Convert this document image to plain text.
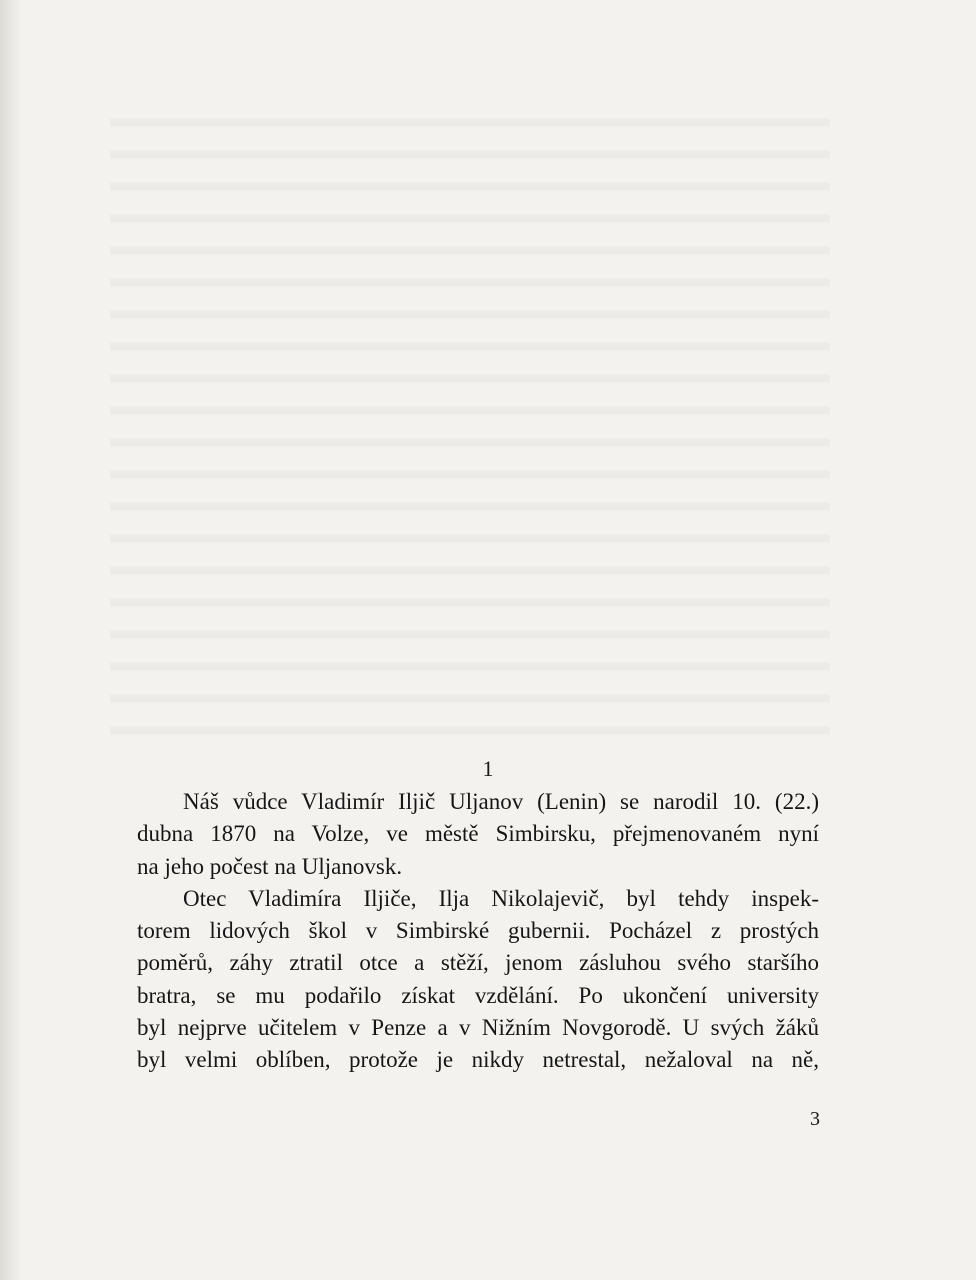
1
Náš vůdce Vladimír Iljič Uljanov (Lenin) se narodil 10. (22.)
dubna 1870 na Volze, ve městě Simbirsku, přejmenovaném nyní
na jeho počest na Uljanovsk.
Otec Vladimíra Iljiče, Ilja Nikolajevič, byl tehdy inspek-
torem lidových škol v Simbirské gubernii. Pocházel z prostých
poměrů, záhy ztratil otce a stěží, jenom zásluhou svého staršího
bratra, se mu podařilo získat vzdělání. Po ukončení university
byl nejprve učitelem v Penze a v Nižním Novgorodě. U svých žáků
byl velmi oblíben, protože je nikdy netrestal, nežaloval na ně,
3
